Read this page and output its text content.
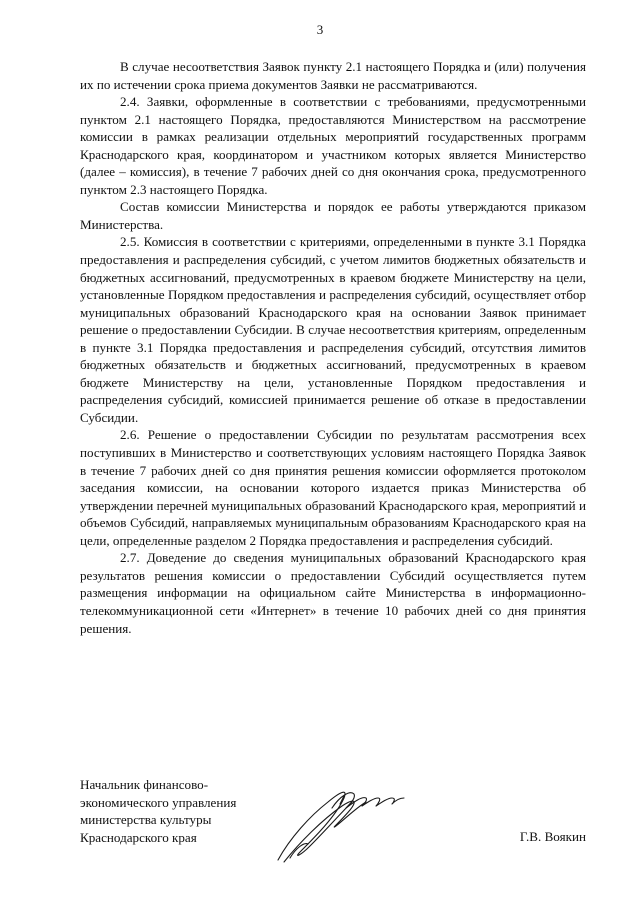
3

В случае несоответствия Заявок пункту 2.1 настоящего Порядка и (или) получения их по истечении срока приема документов Заявки не рассматриваются.

2.4. Заявки, оформленные в соответствии с требованиями, предусмотренными пунктом 2.1 настоящего Порядка, предоставляются Министерством на рассмотрение комиссии в рамках реализации отдельных мероприятий государственных программ Краснодарского края, координатором и участником которых является Министерство (далее – комиссия), в течение 7 рабочих дней со дня окончания срока, предусмотренного пунктом 2.3 настоящего Порядка.

Состав комиссии Министерства и порядок ее работы утверждаются приказом Министерства.

2.5. Комиссия в соответствии с критериями, определенными в пункте 3.1 Порядка предоставления и распределения субсидий, с учетом лимитов бюджетных обязательств и бюджетных ассигнований, предусмотренных в краевом бюджете Министерству на цели, установленные Порядком предоставления и распределения субсидий, осуществляет отбор муниципальных образований Краснодарского края на основании Заявок принимает решение о предоставлении Субсидии. В случае несоответствия критериям, определенным в пункте 3.1 Порядка предоставления и распределения субсидий, отсутствия лимитов бюджетных обязательств и бюджетных ассигнований, предусмотренных в краевом бюджете Министерству на цели, установленные Порядком предоставления и распределения субсидий, комиссией принимается решение об отказе в предоставлении Субсидии.

2.6. Решение о предоставлении Субсидии по результатам рассмотрения всех поступивших в Министерство и соответствующих условиям настоящего Порядка Заявок в течение 7 рабочих дней со дня принятия решения комиссии оформляется протоколом заседания комиссии, на основании которого издается приказ Министерства об утверждении перечней муниципальных образований Краснодарского края, мероприятий и объемов Субсидий, направляемых муниципальным образованиям Краснодарского края на цели, определенные разделом 2 Порядка предоставления и распределения субсидий.

2.7. Доведение до сведения муниципальных образований Краснодарского края результатов решения комиссии о предоставлении Субсидий осуществляется путем размещения информации на официальном сайте Министерства в информационно-телекоммуникационной сети «Интернет» в течение 10 рабочих дней со дня принятия решения.

Начальник финансово-
экономического управления
министерства культуры
Краснодарского края	Г.В. Воякин
